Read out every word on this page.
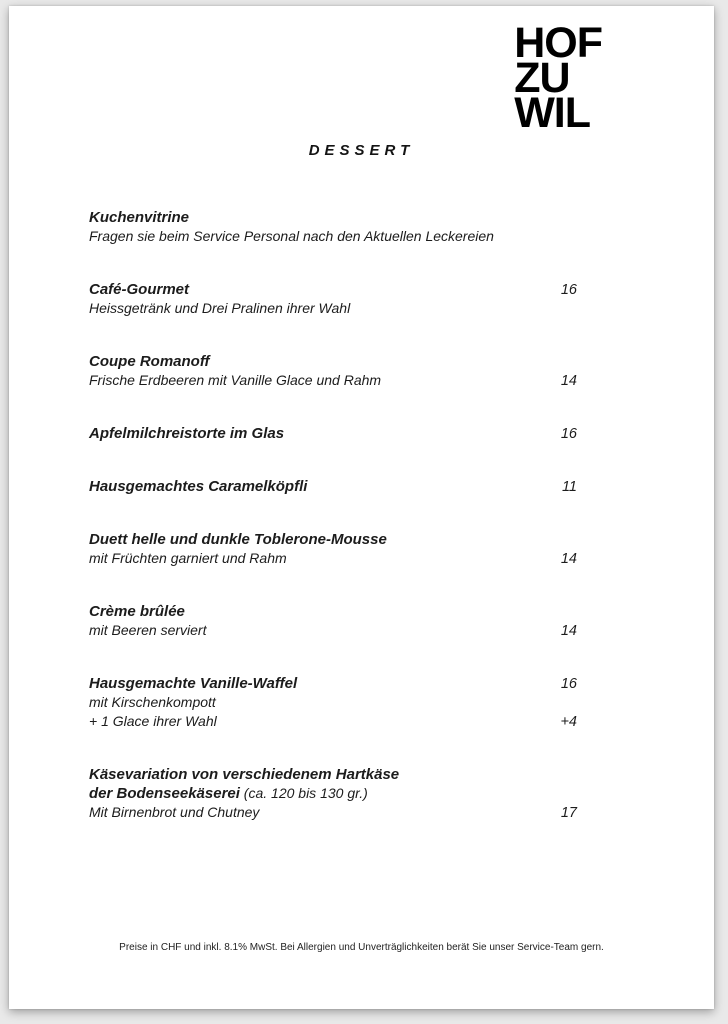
HOF
ZU
WIL
DESSERT
Kuchenvitrine
Fragen sie beim Service Personal nach den Aktuellen Leckereien
Café-Gourmet	16
Heissgetränk und Drei Pralinen ihrer Wahl
Coupe Romanoff
Frische Erdbeeren mit Vanille Glace und Rahm	14
Apfelmilchreistorte im Glas	16
Hausgemachtes Caramelköpfli	11
Duett helle und dunkle Toblerone-Mousse
mit Früchten garniert und Rahm	14
Crème brûlée
mit Beeren serviert	14
Hausgemachte Vanille-Waffel	16
mit Kirschenkompott
+ 1 Glace ihrer Wahl	+4
Käsevariation von verschiedenem Hartkäse
der Bodenseekäserei (ca. 120 bis 130 gr.)
Mit Birnenbrot und Chutney	17
Preise in CHF und inkl. 8.1% MwSt. Bei Allergien und Unverträglichkeiten berät Sie unser Service-Team gern.
